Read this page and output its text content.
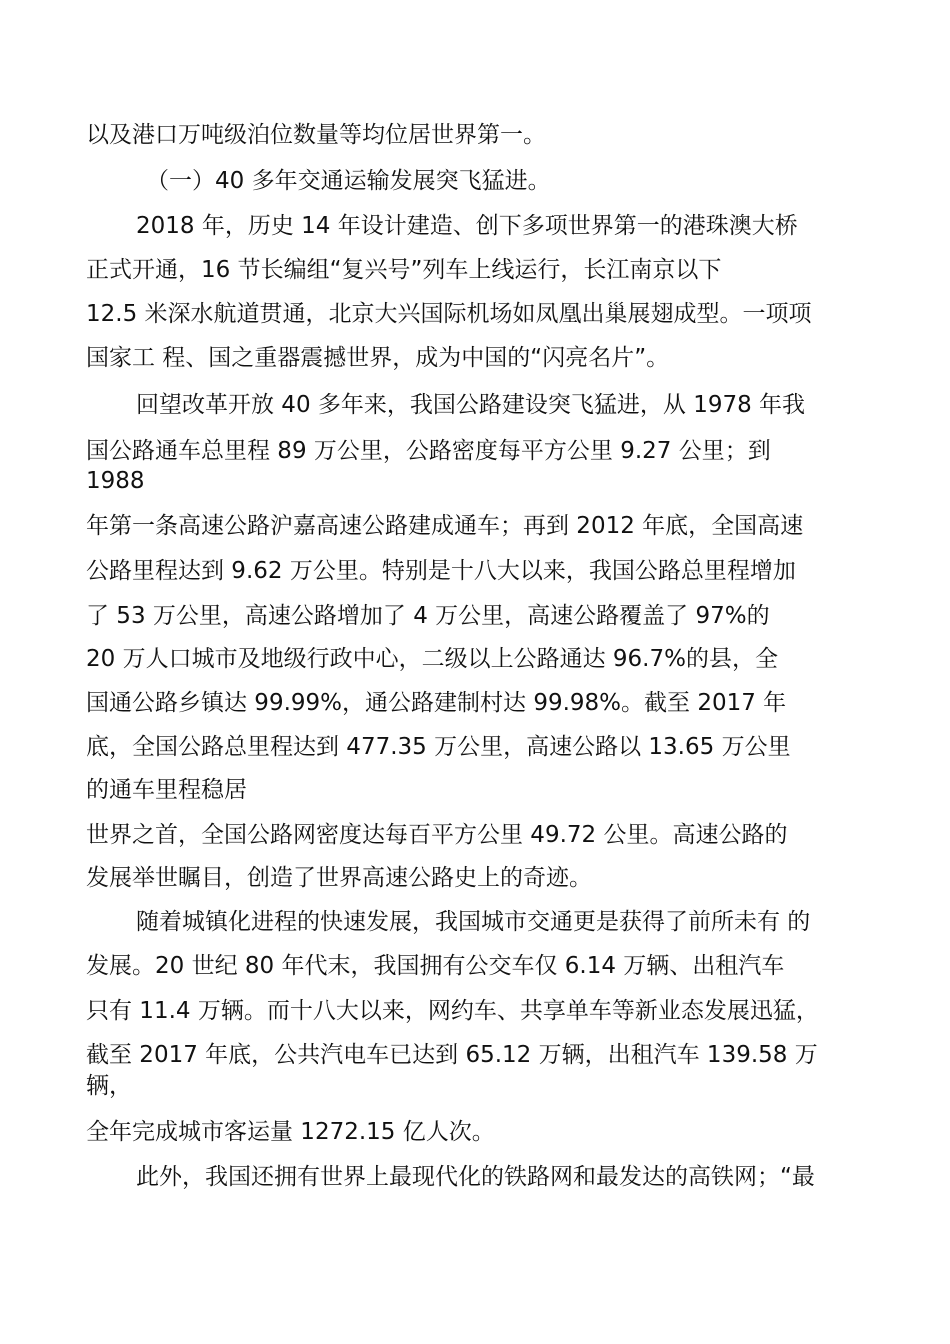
以及港口万吨级泊位数量等均位居世界第一。
（一）40 多年交通运输发展突飞猛进。
2018 年，历史 14 年设计建造、创下多项世界第一的港珠澳大桥
正式开通，16 节长编组“复兴号”列车上线运行，长江南京以下
12.5 米深水航道贯通，北京大兴国际机场如凤凰出巢展翅成型。一项项
国家工 程、国之重器震撼世界，成为中国的“闪亮名片”。
回望改革开放 40 多年来，我国公路建设突飞猛进，从 1978 年我
国公路通车总里程 89 万公里，公路密度每平方公里 9.27 公里；到
1988
年第一条高速公路沪嘉高速公路建成通车；再到 2012 年底，全国高速
公路里程达到 9.62 万公里。特别是十八大以来，我国公路总里程增加
了 53 万公里，高速公路增加了 4 万公里，高速公路覆盖了 97%的
20 万人口城市及地级行政中心，二级以上公路通达 96.7%的县，全
国通公路乡镇达 99.99%，通公路建制村达 99.98%。截至 2017 年
底，全国公路总里程达到 477.35 万公里，高速公路以 13.65 万公里
的通车里程稳居
世界之首，全国公路网密度达每百平方公里 49.72 公里。高速公路的
发展举世瞩目，创造了世界高速公路史上的奇迹。
随着城镇化进程的快速发展，我国城市交通更是获得了前所未有 的
发展。20 世纪 80 年代末，我国拥有公交车仅 6.14 万辆、出租汽车
只有 11.4 万辆。而十八大以来，网约车、共享单车等新业态发展迅猛，
截至 2017 年底，公共汽电车已达到 65.12 万辆，出租汽车 139.58 万
辆，
全年完成城市客运量 1272.15 亿人次。
此外，我国还拥有世界上最现代化的铁路网和最发达的高铁网；“最
